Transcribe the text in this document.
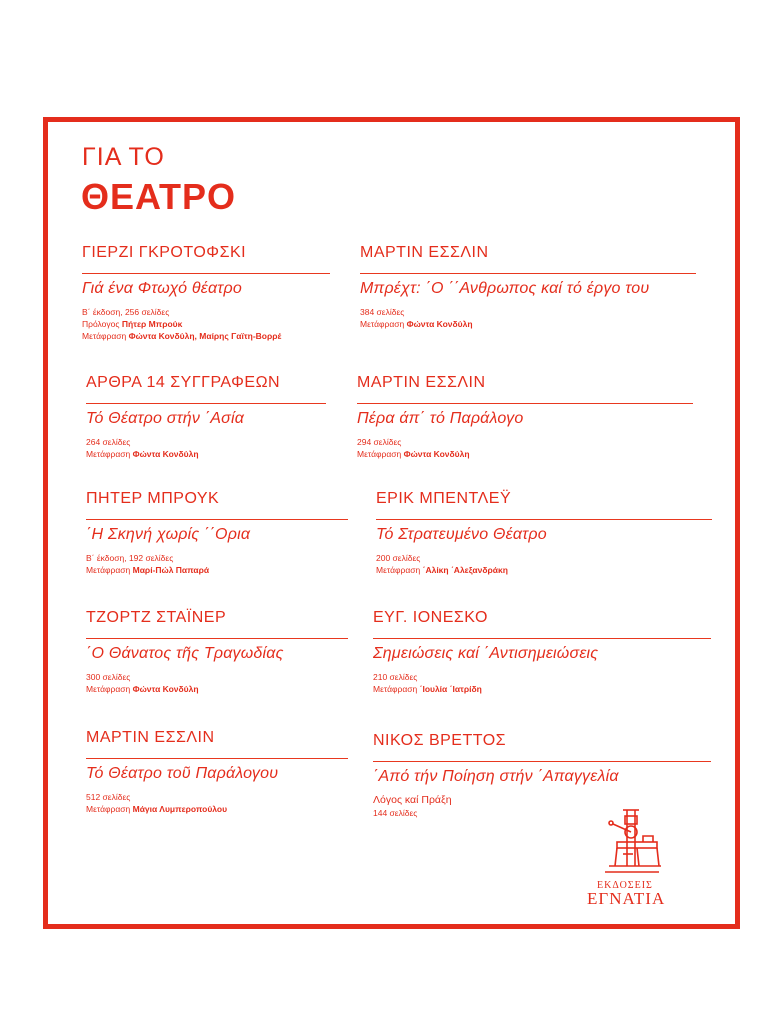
ΓΙΑ ΤΟ
ΘΕΑΤΡΟ
ΓΙΕΡΖΙ ΓΚΡΟΤΟΦΣΚΙ
Γιά ένα Φτωχό θέατρο
Β΄ έκδοση, 256 σελίδες
Πρόλογος Πήτερ Μπρούκ
Μετάφραση Φώντα Κονδύλη, Μαίρης Γαϊτη-Βορρέ
ΜΑΡΤΙΝ ΕΣΣΛΙΝ
Μπρέχτ: ΄Ο ΄΄Ανθρωπος καί τό έργο του
384 σελίδες
Μετάφραση Φώντα Κονδύλη
ΑΡΘΡΑ 14 ΣΥΓΓΡΑΦΕΩΝ
Τό Θέατρο στήν ΄Ασία
264 σελίδες
Μετάφραση Φώντα Κονδύλη
ΜΑΡΤΙΝ ΕΣΣΛΙΝ
Πέρα άπ΄ τό Παράλογο
294 σελίδες
Μετάφραση Φώντα Κονδύλη
ΠΗΤΕΡ ΜΠΡΟΥΚ
΄Η Σκηνή χωρίς ΄΄Ορια
Β΄ έκδοση, 192 σελίδες
Μετάφραση Μαρί-Πώλ Παπαρά
ΕΡΙΚ ΜΠΕΝΤΛΕΫ
Τό Στρατευμένο Θέατρο
200 σελίδες
Μετάφραση ΄Αλίκη ΄Αλεξανδράκη
ΤΖΟΡΤΖ ΣΤΑΪΝΕΡ
΄Ο Θάνατος τῆς Τραγωδίας
300 σελίδες
Μετάφραση Φώντα Κονδύλη
ΕΥΓ. ΙΟΝΕΣΚΟ
Σημειώσεις καί ΄Αντισημειώσεις
210 σελίδες
Μετάφραση ΄Ιουλία ΄Ιατρίδη
ΜΑΡΤΙΝ ΕΣΣΛΙΝ
Τό Θέατρο τοῦ Παράλογου
512 σελίδες
Μετάφραση Μάγια Λυμπεροπούλου
ΝΙΚΟΣ ΒΡΕΤΤΟΣ
΄Από τήν Ποίηση στήν ΄Απαγγελία
Λόγος καί Πράξη
144 σελίδες
ΕΚΔΟΣΕΙΣ
ΕΓΝΑΤΙΑ
